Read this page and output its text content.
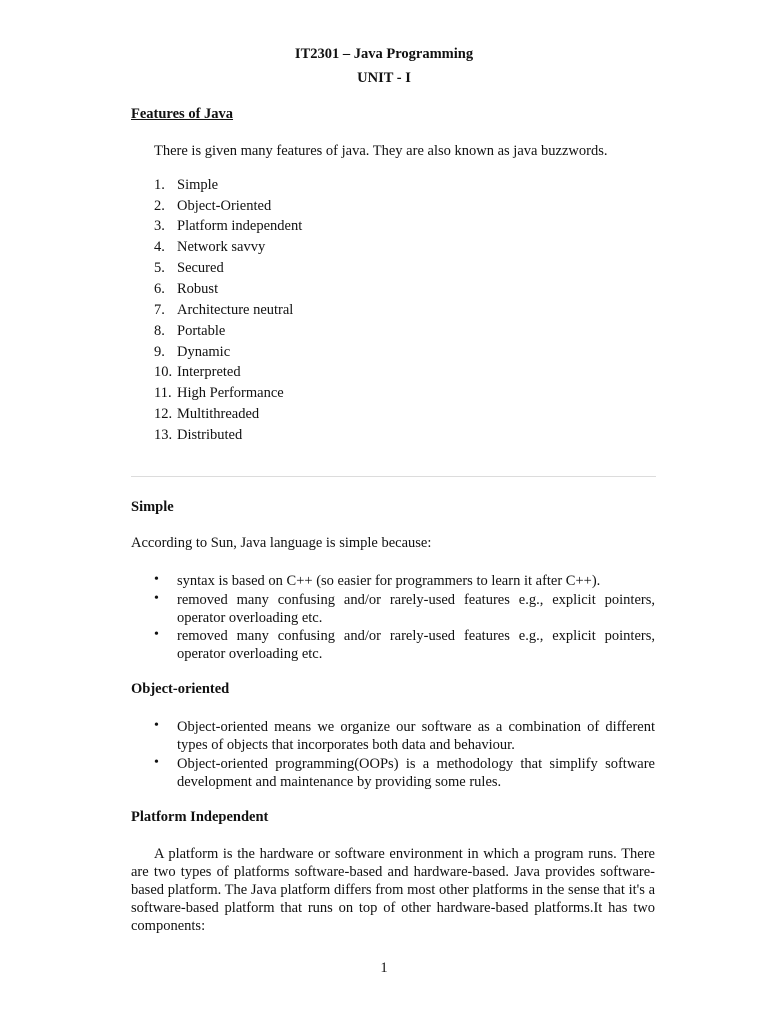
IT2301 – Java Programming
UNIT - I
Features of Java
There is given many features of java. They are also known as java buzzwords.
1. Simple
2. Object-Oriented
3. Platform independent
4. Network savvy
5. Secured
6. Robust
7. Architecture neutral
8. Portable
9. Dynamic
10. Interpreted
11. High Performance
12. Multithreaded
13. Distributed
Simple
According to Sun, Java language is simple because:
• syntax is based on C++ (so easier for programmers to learn it after C++).
• removed many confusing and/or rarely-used features e.g., explicit pointers, operator overloading etc.
• removed many confusing and/or rarely-used features e.g., explicit pointers, operator overloading etc.
Object-oriented
• Object-oriented means we organize our software as a combination of different types of objects that incorporates both data and behaviour.
• Object-oriented programming(OOPs) is a methodology that simplify software development and maintenance by providing some rules.
Platform Independent
A platform is the hardware or software environment in which a program runs. There are two types of platforms software-based and hardware-based. Java provides software-based platform. The Java platform differs from most other platforms in the sense that it's a software-based platform that runs on top of other hardware-based platforms.It has two components:
1
